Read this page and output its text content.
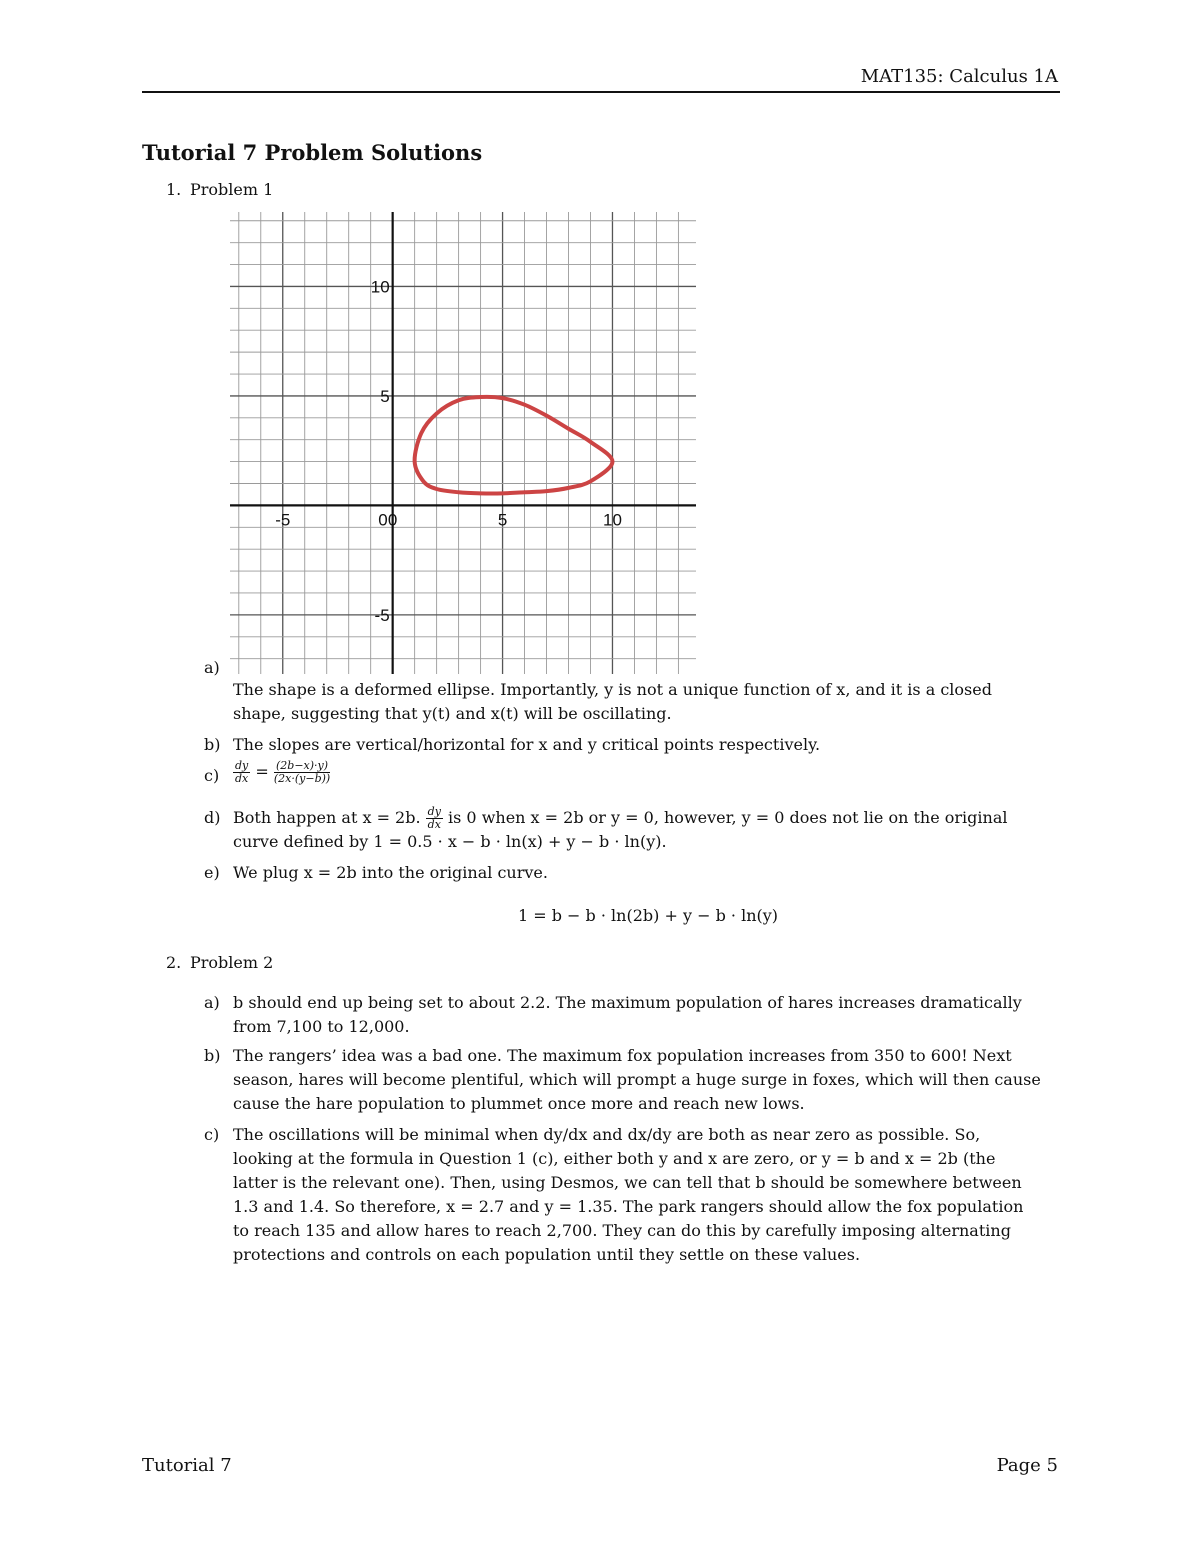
MAT135: Calculus 1A
Tutorial 7 Problem Solutions
1. Problem 1
-5	0	5	10
-5
5
10
0
a)
The shape is a deformed ellipse. Importantly, y is not a unique function of x, and it is a closed
shape, suggesting that y(t) and x(t) will be oscillating.
b) The slopes are vertical/horizontal for x and y critical points respectively.
$c) \frac{dy}{dx} = \frac{(2b-x)\cdot y)}{(2x\cdot(y-b))}$
d) Both happen at x = 2b. $\frac{dy}{dx}$ is 0 when x = 2b or y = 0, however, y = 0 does not lie on the original
curve defined by 1 = 0.5 · x − b · ln(x) + y − b · ln(y).
e) We plug x = 2b into the original curve.
1 = b − b · ln(2b) + y − b · ln(y)
2. Problem 2
a) b should end up being set to about 2.2. The maximum population of hares increases dramatically
from 7,100 to 12,000.
b) The rangers’ idea was a bad one. The maximum fox population increases from 350 to 600! Next
season, hares will become plentiful, which will prompt a huge surge in foxes, which will then cause
cause the hare population to plummet once more and reach new lows.
c) The oscillations will be minimal when dy/dx and dx/dy are both as near zero as possible. So,
looking at the formula in Question 1 (c), either both y and x are zero, or y = b and x = 2b (the
latter is the relevant one). Then, using Desmos, we can tell that b should be somewhere between
1.3 and 1.4. So therefore, x = 2.7 and y = 1.35. The park rangers should allow the fox population
to reach 135 and allow hares to reach 2,700. They can do this by carefully imposing alternating
protections and controls on each population until they settle on these values.
Tutorial 7	Page 5
